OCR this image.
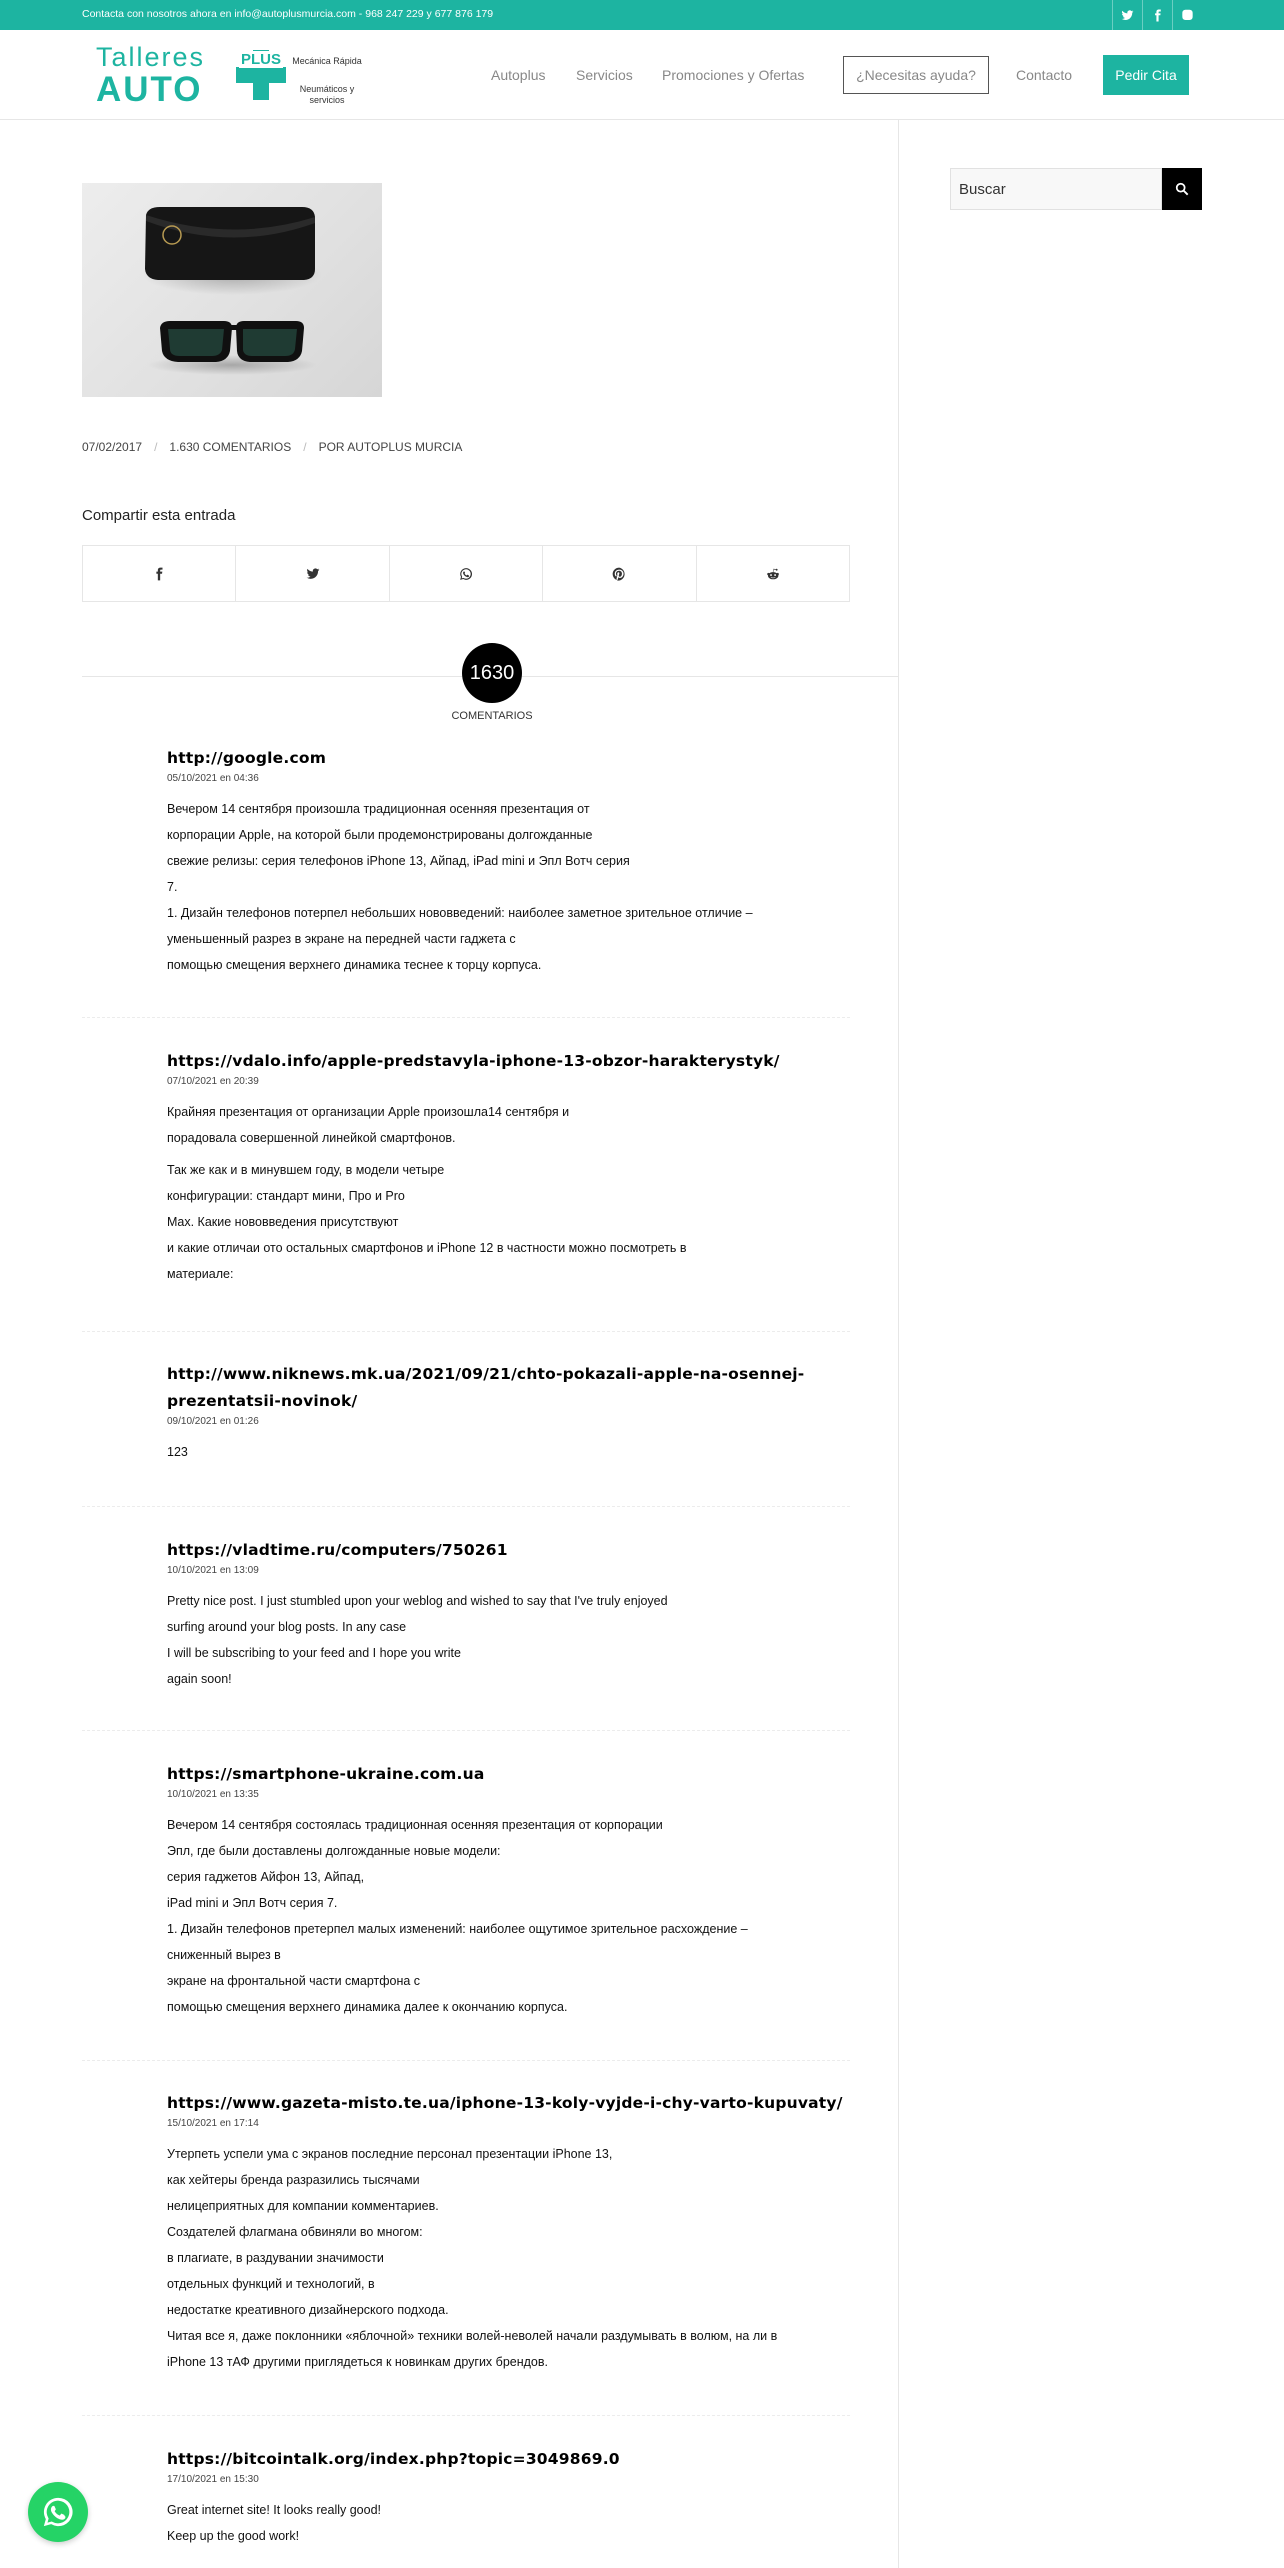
Contacta con nosotros ahora en info@autoplusmurcia.com - 968 247 229 y 677 876 179
Talleres
AUTO
PLUS	Mecánica Rápida
Neumáticos y servicios
Autoplus Servicios Promociones y Ofertas	¿Necesitas ayuda?	Contacto	Pedir Cita
Buscar
07/02/2017 / 1.630 COMENTARIOS / POR AUTOPLUS MURCIA
Compartir esta entrada
1630
COMENTARIOS
http://google.com
05/10/2021 en 04:36
Вечером 14 сентября произошла традиционная осенняя презентация от
корпорации Apple, на которой были продемонстрированы долгожданные
свежие релизы: серия телефонов iPhone 13, Айпад, iPad mini и Эпл Вотч серия
7.
1. Дизайн телефонов потерпел небольших нововведений: наиболее заметное зрительное отличие –
уменьшенный разрез в экране на передней части гаджета с
помощью смещения верхнего динамика теснее к торцу корпуса.
https://vdalo.info/apple-predstavyla-iphone-13-obzor-harakterystyk/
07/10/2021 en 20:39
Крайняя презентация от организации Apple произошла14 сентября и
порадовала совершенной линейкой смартфонов.
Так же как и в минувшем году, в модели четыре
конфигурации: стандарт мини, Про и Pro
Max. Какие нововведения присутствуют
и какие отличаи ото остальных смартфонов и iPhone 12 в частности можно посмотреть в
материале:
http://www.niknews.mk.ua/2021/09/21/chto-pokazali-apple-na-osennej-
prezentatsii-novinok/
09/10/2021 en 01:26
123
https://vladtime.ru/computers/750261
10/10/2021 en 13:09
Pretty nice post. I just stumbled upon your weblog and wished to say that I've truly enjoyed
surfing around your blog posts. In any case
I will be subscribing to your feed and I hope you write
again soon!
https://smartphone-ukraine.com.ua
10/10/2021 en 13:35
Вечером 14 сентября состоялась традиционная осенняя презентация от корпорации
Эпл, где были доставлены долгожданные новые модели:
серия гаджетов Айфон 13, Айпад,
iPad mini и Эпл Вотч серия 7.
1. Дизайн телефонов претерпел малых изменений: наиболее ощутимое зрительное расхождение –
сниженный вырез в
экране на фронтальной части смартфона с
помощью смещения верхнего динамика далее к окончанию корпуса.
https://www.gazeta-misto.te.ua/iphone-13-koly-vyjde-i-chy-varto-kupuvaty/
15/10/2021 en 17:14
Утерпеть успели ума с экранов последние персонал презентации iPhone 13,
как хейтеры бренда разразились тысячами
нелицеприятных для компании комментариев.
Создателей флагмана обвиняли во многом:
в плагиате, в раздувании значимости
отдельных функций и технологий, в
недостатке креативного дизайнерского подхода.
Читая все я, даже поклонники «яблочной» техники волей-неволей начали раздумывать в волюм, на ли в
iPhone 13 тАФ другими приглядеться к новинкам других брендов.
https://bitcointalk.org/index.php?topic=3049869.0
17/10/2021 en 15:30
Great internet site! It looks really good!
Keep up the good work!
